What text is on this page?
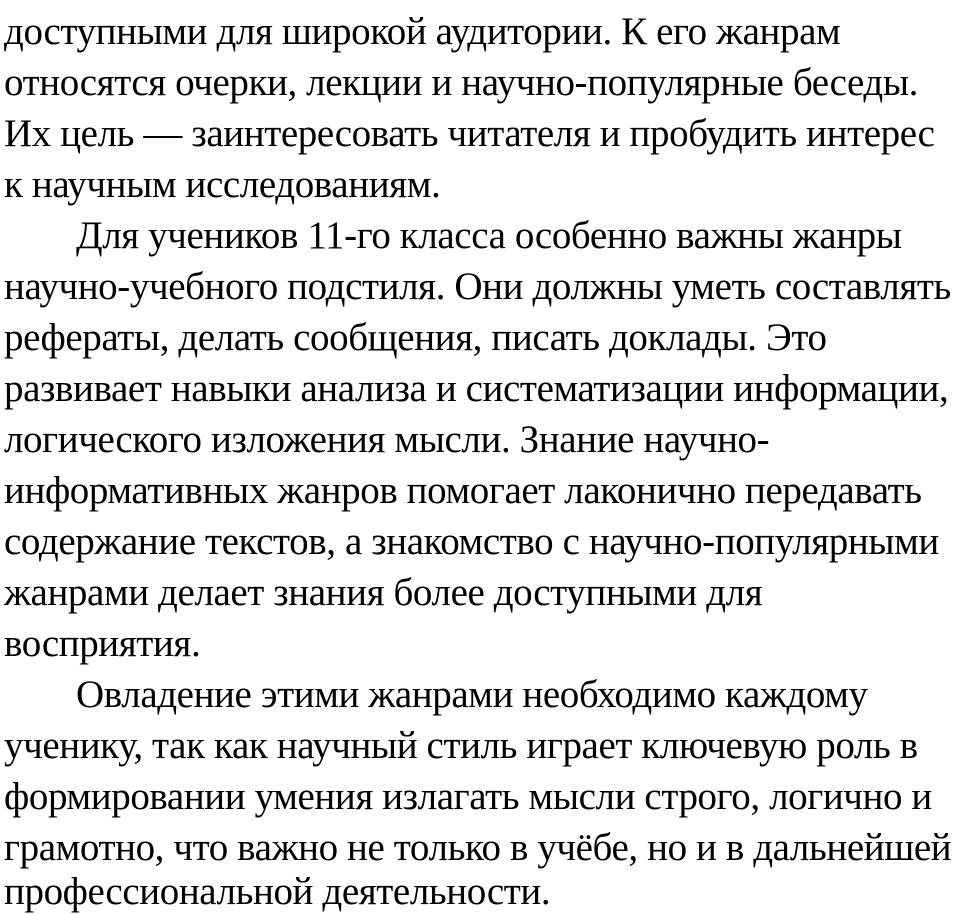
доступными для широкой аудитории. К его жанрам
относятся очерки, лекции и научно-популярные беседы.
Их цель — заинтересовать читателя и пробудить интерес
к научным исследованиям.
Для учеников 11-го класса особенно важны жанры
научно-учебного подстиля. Они должны уметь составлять
рефераты, делать сообщения, писать доклады. Это
развивает навыки анализа и систематизации информации,
логического изложения мысли. Знание научно-
информативных жанров помогает лаконично передавать
содержание текстов, а знакомство с научно-популярными
жанрами делает знания более доступными для
восприятия.
Овладение этими жанрами необходимо каждому
ученику, так как научный стиль играет ключевую роль в
формировании умения излагать мысли строго, логично и
грамотно, что важно не только в учёбе, но и в дальнейшей
профессиональной деятельности.
